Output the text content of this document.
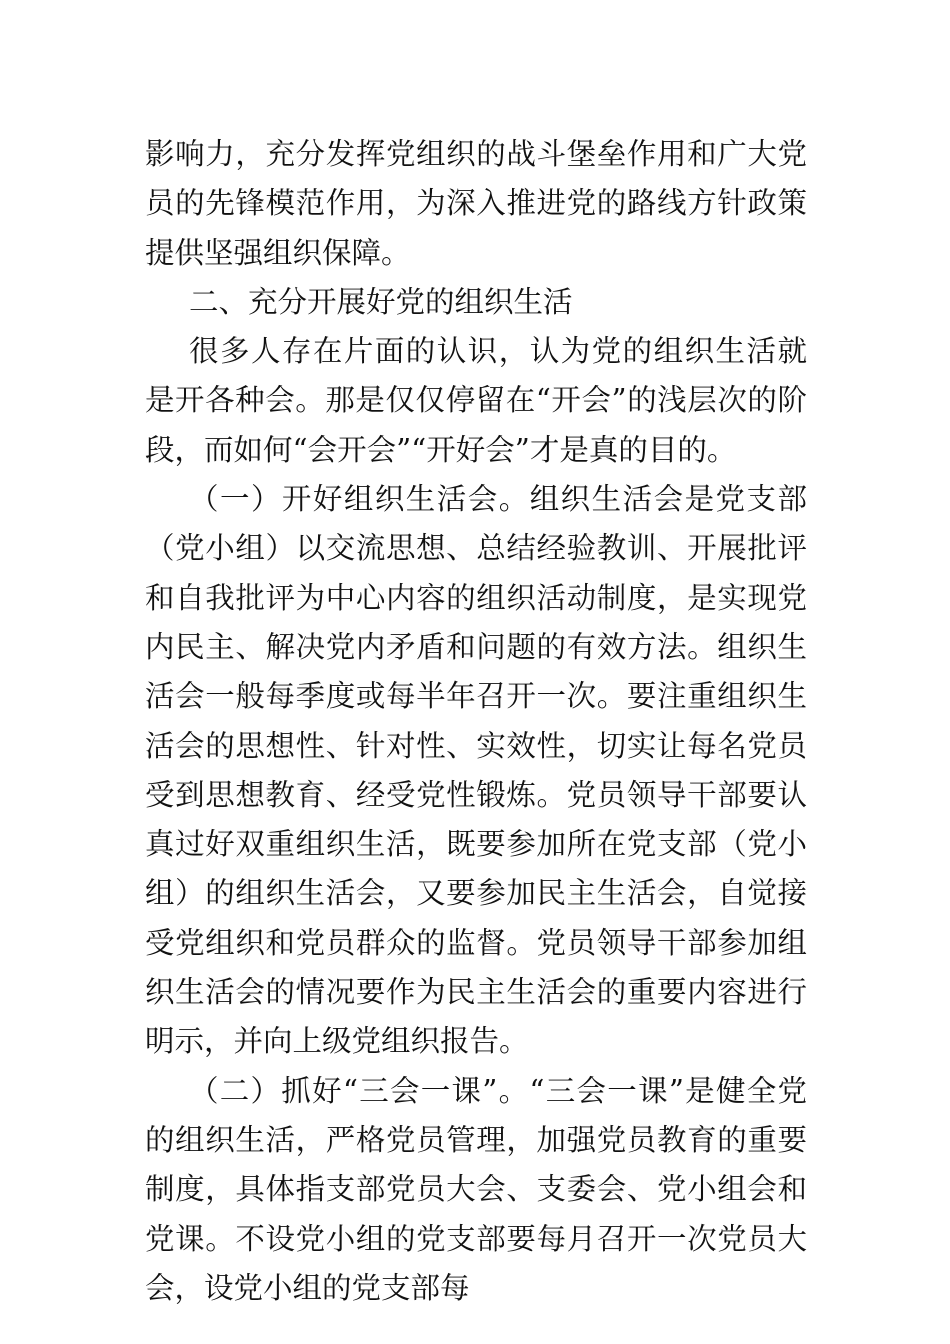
影响力，充分发挥党组织的战斗堡垒作用和广大党员的先锋模范作用，为深入推进党的路线方针政策提供坚强组织保障。

二、充分开展好党的组织生活

很多人存在片面的认识，认为党的组织生活就是开各种会。那是仅仅停留在“开会”的浅层次的阶段，而如何“会开会”“开好会”才是真的目的。

（一）开好组织生活会。组织生活会是党支部（党小组）以交流思想、总结经验教训、开展批评和自我批评为中心内容的组织活动制度，是实现党内民主、解决党内矛盾和问题的有效方法。组织生活会一般每季度或每半年召开一次。要注重组织生活会的思想性、针对性、实效性，切实让每名党员受到思想教育、经受党性锻炼。党员领导干部要认真过好双重组织生活，既要参加所在党支部（党小组）的组织生活会，又要参加民主生活会，自觉接受党组织和党员群众的监督。党员领导干部参加组织生活会的情况要作为民主生活会的重要内容进行明示，并向上级党组织报告。

（二）抓好“三会一课”。“三会一课”是健全党的组织生活，严格党员管理，加强党员教育的重要制度，具体指支部党员大会、支委会、党小组会和党课。不设党小组的党支部要每月召开一次党员大会，设党小组的党支部每
